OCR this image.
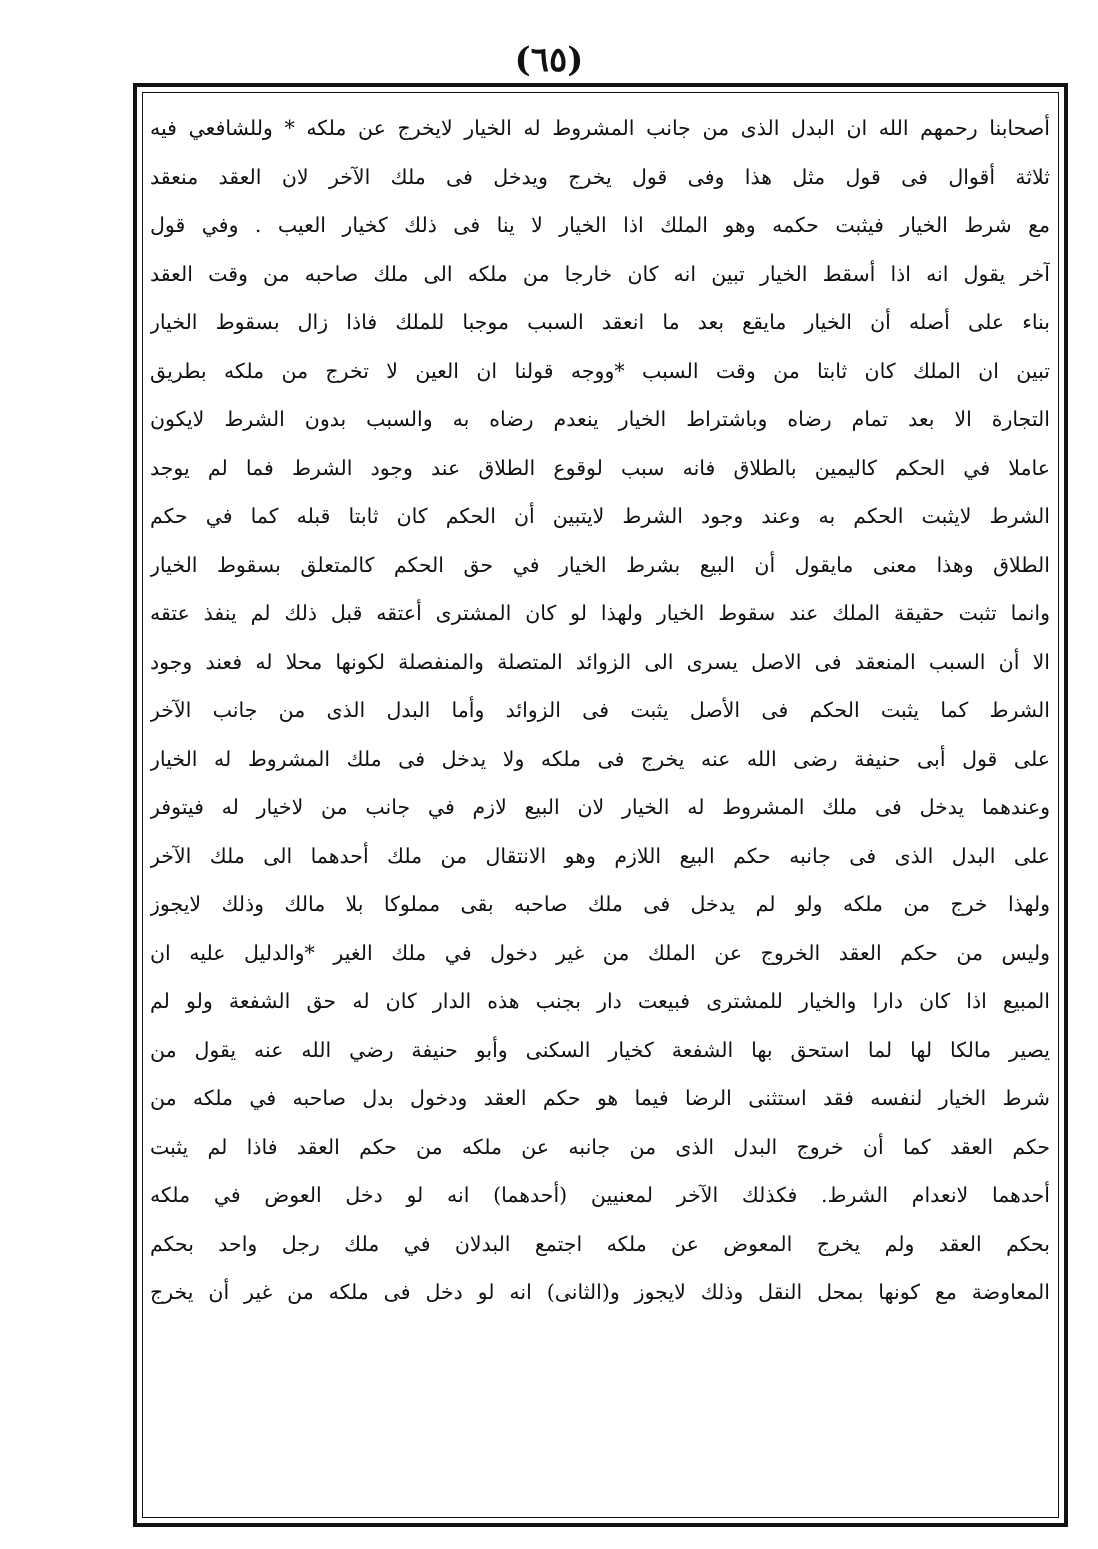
(٦٥)
أصحابنا رحمهم الله ان البدل الذى من جانب المشروط له الخيار لايخرج عن ملكه * وللشافعي فيه
ثلاثة أقوال فى قول مثل هذا وفى قول يخرج ويدخل فى ملك الآخر لان العقد منعقد
مع شرط الخيار فيثبت حكمه وهو الملك اذا الخيار لا ينا فى ذلك كخيار العيب . وفي قول
آخر يقول انه اذا أسقط الخيار تبين انه كان خارجا من ملكه الى ملك صاحبه من وقت العقد
بناء على أصله أن الخيار مايقع بعد ما انعقد السبب موجبا للملك فاذا زال بسقوط الخيار
تبين ان الملك كان ثابتا من وقت السبب *ووجه قولنا ان العين لا تخرج من ملكه بطريق
التجارة الا بعد تمام رضاه وباشتراط الخيار ينعدم رضاه به والسبب بدون الشرط لايكون
عاملا في الحكم كاليمين بالطلاق فانه سبب لوقوع الطلاق عند وجود الشرط فما لم يوجد
الشرط لايثبت الحكم به وعند وجود الشرط لايتبين أن الحكم كان ثابتا قبله كما في حكم
الطلاق وهذا معنى مايقول أن البيع بشرط الخيار في حق الحكم كالمتعلق بسقوط الخيار
وانما تثبت حقيقة الملك عند سقوط الخيار ولهذا لو كان المشترى أعتقه قبل ذلك لم ينفذ عتقه
الا أن السبب المنعقد فى الاصل يسرى الى الزوائد المتصلة والمنفصلة لكونها محلا له فعند وجود
الشرط كما يثبت الحكم فى الأصل يثبت فى الزوائد وأما البدل الذى من جانب الآخر
على قول أبى حنيفة رضى الله عنه يخرج فى ملكه ولا يدخل فى ملك المشروط له الخيار
وعندهما يدخل فى ملك المشروط له الخيار لان البيع لازم في جانب من لاخيار له فيتوفر
على البدل الذى فى جانبه حكم البيع اللازم وهو الانتقال من ملك أحدهما الى ملك الآخر
ولهذا خرج من ملكه ولو لم يدخل فى ملك صاحبه بقى مملوكا بلا مالك وذلك لايجوز
وليس من حكم العقد الخروج عن الملك من غير دخول في ملك الغير *والدليل عليه ان
المبيع اذا كان دارا والخيار للمشترى فبيعت دار بجنب هذه الدار كان له حق الشفعة ولو لم
يصير مالكا لها لما استحق بها الشفعة كخيار السكنى وأبو حنيفة رضي الله عنه يقول من
شرط الخيار لنفسه فقد استثنى الرضا فيما هو حكم العقد ودخول بدل صاحبه في ملكه من
حكم العقد كما أن خروج البدل الذى من جانبه عن ملكه من حكم العقد فاذا لم يثبت
أحدهما لانعدام الشرط. فكذلك الآخر لمعنيين (أحدهما) انه لو دخل العوض في ملكه
بحكم العقد ولم يخرج المعوض عن ملكه اجتمع البدلان في ملك رجل واحد بحكم
المعاوضة مع كونها بمحل النقل وذلك لايجوز و(الثانى) انه لو دخل فى ملكه من غير أن يخرج
